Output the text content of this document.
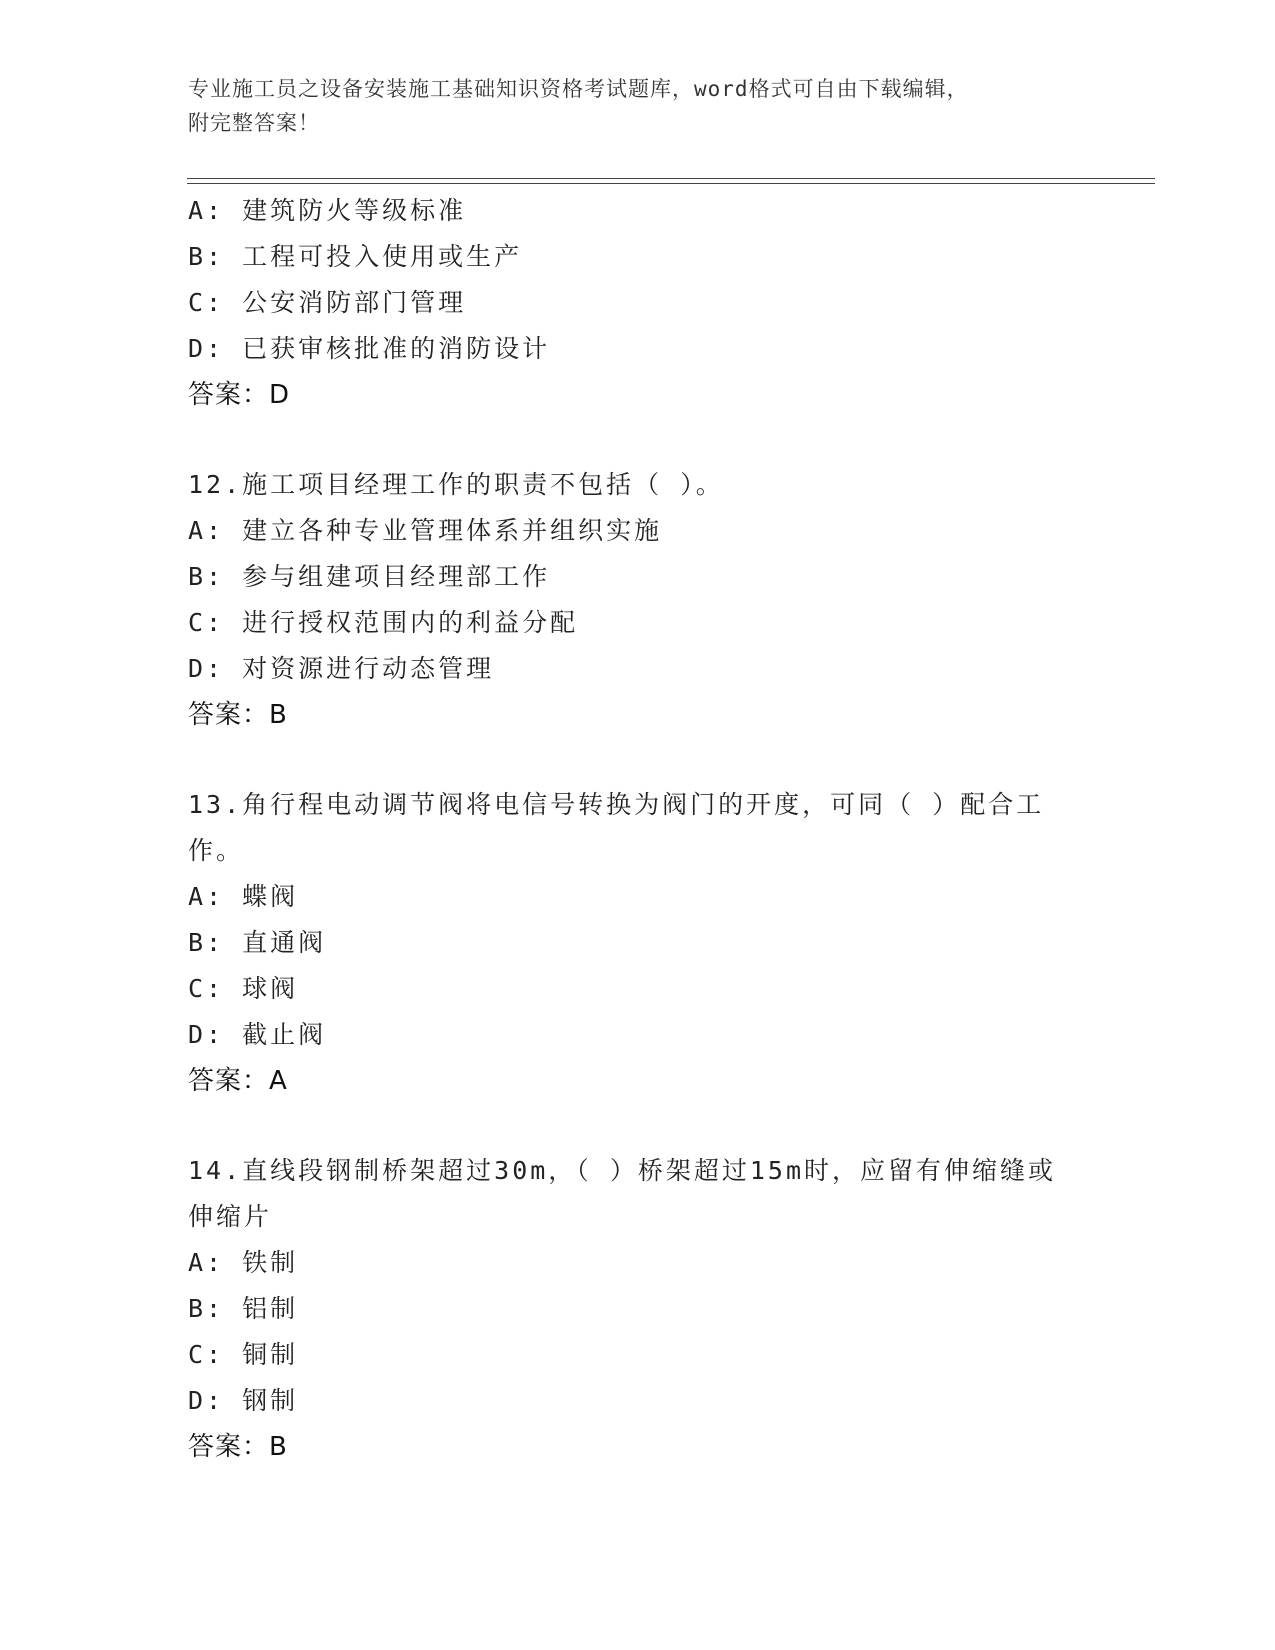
专业施工员之设备安装施工基础知识资格考试题库，word格式可自由下载编辑，
附完整答案！
A: 建筑防火等级标准
B: 工程可投入使用或生产
C: 公安消防部门管理
D: 已获审核批准的消防设计
答案：D
12.施工项目经理工作的职责不包括（ ）。
A: 建立各种专业管理体系并组织实施
B: 参与组建项目经理部工作
C: 进行授权范围内的利益分配
D: 对资源进行动态管理
答案：B
13.角行程电动调节阀将电信号转换为阀门的开度，可同（ ）配合工
作。
A: 蝶阀
B: 直通阀
C: 球阀
D: 截止阀
答案：A
14.直线段钢制桥架超过30m，（ ）桥架超过15m时，应留有伸缩缝或
伸缩片
A: 铁制
B: 铝制
C: 铜制
D: 钢制
答案：B
